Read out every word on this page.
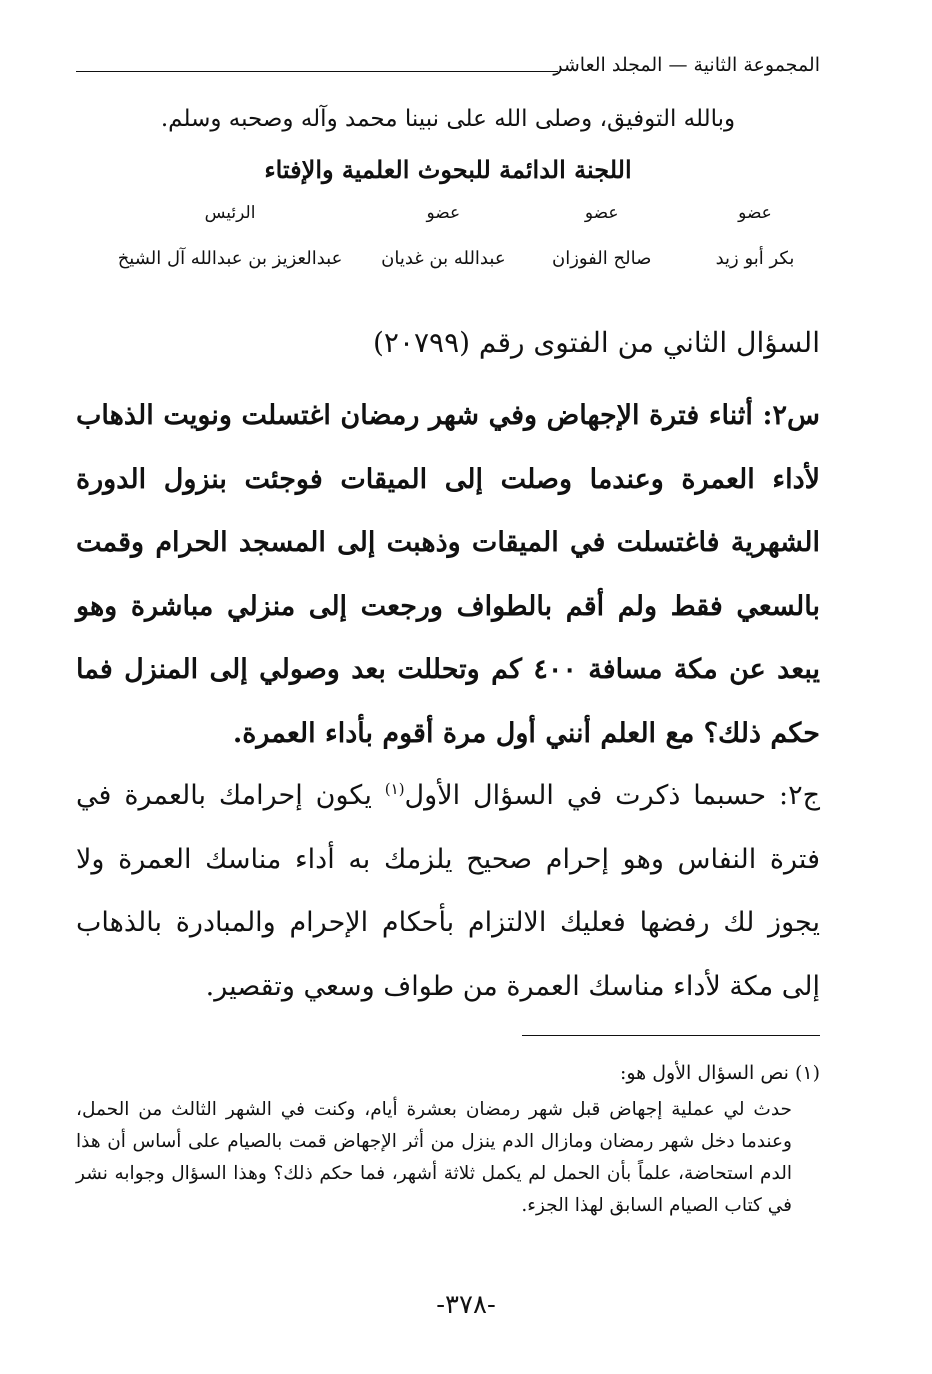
المجموعة الثانية — المجلد العاشر
وبالله التوفيق، وصلى الله على نبينا محمد وآله وصحبه وسلم.
اللجنة الدائمة للبحوث العلمية والإفتاء
عضو
عضو
عضو
الرئيس
بكر أبو زيد
صالح الفوزان
عبدالله بن غديان
عبدالعزيز بن عبدالله آل الشيخ
السؤال الثاني من الفتوى رقم (٢٠٧٩٩)
س٢: أثناء فترة الإجهاض وفي شهر رمضان اغتسلت ونويت الذهاب لأداء العمرة وعندما وصلت إلى الميقات فوجئت بنزول الدورة الشهرية فاغتسلت في الميقات وذهبت إلى المسجد الحرام وقمت بالسعي فقط ولم أقم بالطواف ورجعت إلى منزلي مباشرة وهو يبعد عن مكة مسافة ٤٠٠ كم وتحللت بعد وصولي إلى المنزل فما حكم ذلك؟ مع العلم أنني أول مرة أقوم بأداء العمرة.
ج٢: حسبما ذكرت في السؤال الأول$^{(١)}$ يكون إحرامك بالعمرة في فترة النفاس وهو إحرام صحيح يلزمك به أداء مناسك العمرة ولا يجوز لك رفضها فعليك الالتزام بأحكام الإحرام والمبادرة بالذهاب إلى مكة لأداء مناسك العمرة من طواف وسعي وتقصير.
(١) نص السؤال الأول هو:
حدث لي عملية إجهاض قبل شهر رمضان بعشرة أيام، وكنت في الشهر الثالث من الحمل، وعندما دخل شهر رمضان ومازال الدم ينزل من أثر الإجهاض قمت بالصيام على أساس أن هذا الدم استحاضة، علماً بأن الحمل لم يكمل ثلاثة أشهر، فما حكم ذلك؟ وهذا السؤال وجوابه نشر في كتاب الصيام السابق لهذا الجزء.
-٣٧٨-
